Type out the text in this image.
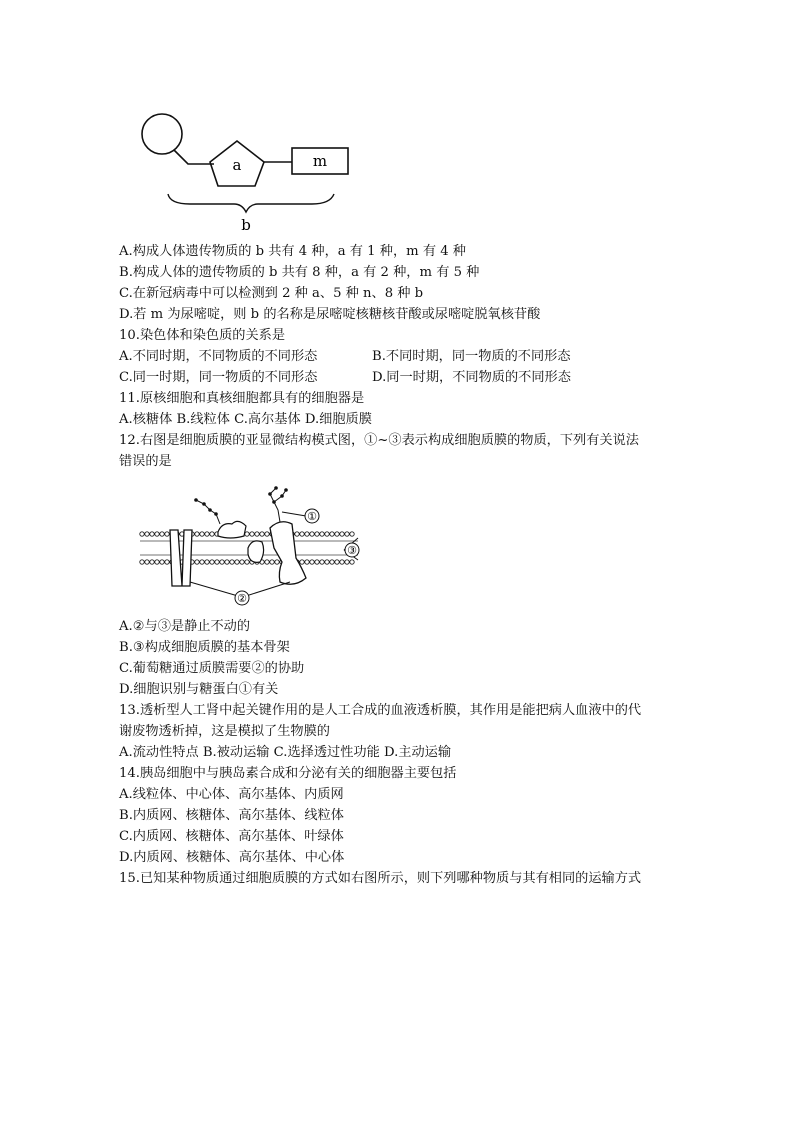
a	m
b
A.构成人体遗传物质的 b 共有 4 种，a 有 1 种，m 有 4 种
B.构成人体的遗传物质的 b 共有 8 种，a 有 2 种，m 有 5 种
C.在新冠病毒中可以检测到 2 种 a、5 种 n、8 种 b
D.若 m 为尿嘧啶，则 b 的名称是尿嘧啶核糖核苷酸或尿嘧啶脱氧核苷酸
10.染色体和染色质的关系是
A.不同时期，不同物质的不同形态	B.不同时期，同一物质的不同形态
C.同一时期，同一物质的不同形态	D.同一时期，不同物质的不同形态
11.原核细胞和真核细胞都具有的细胞器是
A.核糖体 B.线粒体 C.高尔基体 D.细胞质膜
12.右图是细胞质膜的亚显微结构模式图，①~③表示构成细胞质膜的物质，下列有关说法
错误的是
①
③
②
A.②与③是静止不动的
B.③构成细胞质膜的基本骨架
C.葡萄糖通过质膜需要②的协助
D.细胞识别与糖蛋白①有关
13.透析型人工肾中起关键作用的是人工合成的血液透析膜，其作用是能把病人血液中的代
谢废物透析掉，这是模拟了生物膜的
A.流动性特点 B.被动运输 C.选择透过性功能 D.主动运输
14.胰岛细胞中与胰岛素合成和分泌有关的细胞器主要包括
A.线粒体、中心体、高尔基体、内质网
B.内质网、核糖体、高尔基体、线粒体
C.内质网、核糖体、高尔基体、叶绿体
D.内质网、核糖体、高尔基体、中心体
15.已知某种物质通过细胞质膜的方式如右图所示，则下列哪种物质与其有相同的运输方式
